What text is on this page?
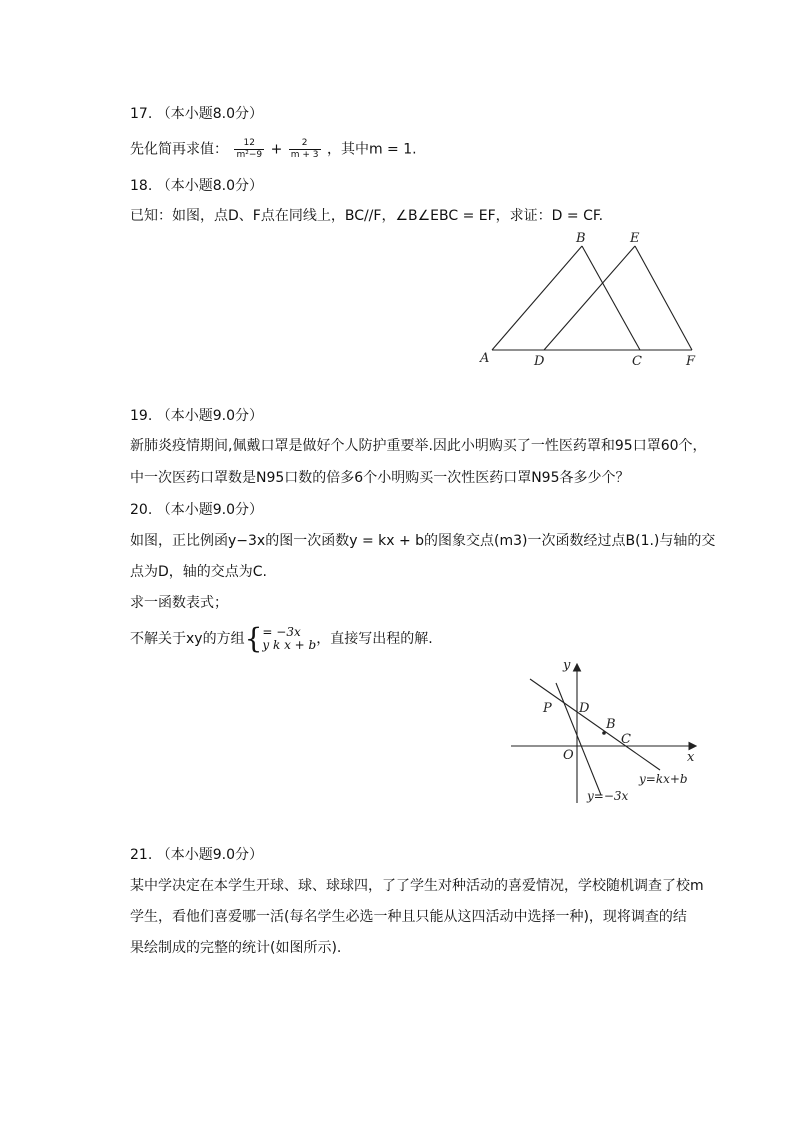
17. （本小题8.0分）
先化简再求值： $\frac{12}{\text{m²−9}} + \frac{2}{m + 3}$ ，其中m = 1.
18. （本小题8.0分）
已知：如图，点D、F点在同线上，BC//F，∠B∠EBC = EF，求证：D = CF.
B	E
A	D	C	F
19. （本小题9.0分）
新肺炎疫情期间,佩戴口罩是做好个人防护重要举.因此小明购买了一性医药罩和95口罩60个，
中一次医药口罩数是N95口数的倍多6个小明购买一次性医药口罩N95各多少个？
20. （本小题9.0分）
如图，正比例函y−3x的图一次函数y = kx + b的图象交点(m3)一次函数经过点B(1.)与轴的交
点为D，轴的交点为C.
求一函数表式；
不解关于xy的方组{ = −3x
y k x + b ，直接写出程的解.
y
x
O
P D
B
C
y=kx+b
y=−3x
21. （本小题9.0分）
某中学决定在本学生开球、球、球球四，了了学生对种活动的喜爱情况，学校随机调查了校m
学生，看他们喜爱哪一活(每名学生必选一种且只能从这四活动中选择一种)，现将调查的结
果绘制成的完整的统计(如图所示).
